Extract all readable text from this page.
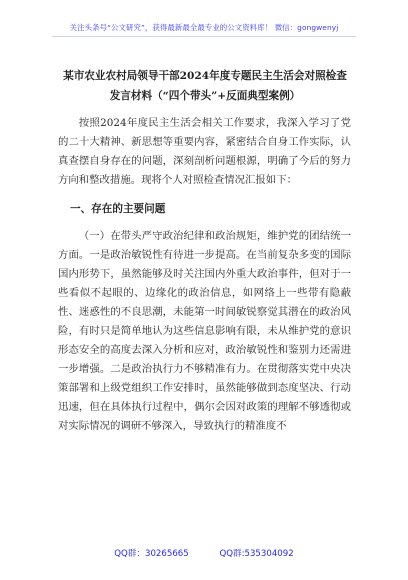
关注头条号“公文研究”，获得最新最全最专业的公文资料库！ 微信：gongwenyj
某市农业农村局领导干部2024年度专题民主生活会对照检查发言材料（“四个带头”+反面典型案例）

按照2024年度民主生活会相关工作要求，我深入学习了党的二十大精神、新思想等重要内容，紧密结合自身工作实际，认真查摆自身存在的问题，深刻剖析问题根源，明确了今后的努力方向和整改措施。现将个人对照检查情况汇报如下：

一、存在的主要问题

（一）在带头严守政治纪律和政治规矩，维护党的团结统一方面。一是政治敏锐性有待进一步提高。在当前复杂多变的国际国内形势下，虽然能够及时关注国内外重大政治事件，但对于一些看似不起眼的、边缘化的政治信息，如网络上一些带有隐蔽性、迷惑性的不良思潮，未能第一时间敏锐察觉其潜在的政治风险，有时只是简单地认为这些信息影响有限，未从维护党的意识形态安全的高度去深入分析和应对，政治敏锐性和鉴别力还需进一步增强。二是政治执行力不够精准有力。在贯彻落实党中央决策部署和上级党组织工作安排时，虽然能够做到态度坚决、行动迅速，但在具体执行过程中，偶尔会因对政策的理解不够透彻或对实际情况的调研不够深入，导致执行的精准度不

QQ群：30265665	QQ群:535304092
